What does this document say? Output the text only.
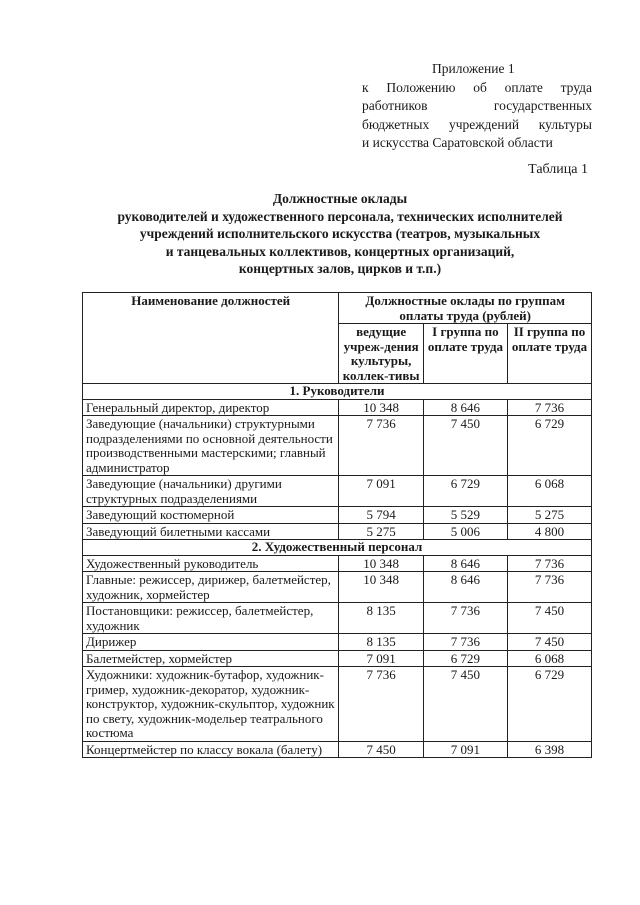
Приложение 1
к Положению об оплате труда
работников государственных
бюджетных учреждений культуры
и искусства Саратовской области
Таблица 1
Должностные оклады
руководителей и художественного персонала, технических исполнителей
учреждений исполнительского искусства (театров, музыкальных
и танцевальных коллективов, концертных организаций,
концертных залов, цирков и т.п.)
Наименование должностей	Должностные оклады по группам оплаты труда (рублей)		
	ведущие учреж-дения культуры, коллек-тивы	I группа по оплате труда	II группа по оплате труда
1. Руководители			
Генеральный директор, директор	10 348	8 646	7 736
Заведующие (начальники) структурными подразделениями по основной деятельности производственными мастерскими; главный администратор	7 736	7 450	6 729
Заведующие (начальники) другими структурных подразделениями	7 091	6 729	6 068
Заведующий костюмерной	5 794	5 529	5 275
Заведующий билетными кассами	5 275	5 006	4 800
2. Художественный персонал			
Художественный руководитель	10 348	8 646	7 736
Главные: режиссер, дирижер, балетмейстер, художник, хормейстер	10 348	8 646	7 736
Постановщики: режиссер, балетмейстер, художник	8 135	7 736	7 450
Дирижер	8 135	7 736	7 450
Балетмейстер, хормейстер	7 091	6 729	6 068
Художники: художник-бутафор, художник-гример, художник-декоратор, художник-конструктор, художник-скульптор, художник по свету, художник-модельер театрального костюма	7 736	7 450	6 729
Концертмейстер по классу вокала (балету)	7 450	7 091	6 398
